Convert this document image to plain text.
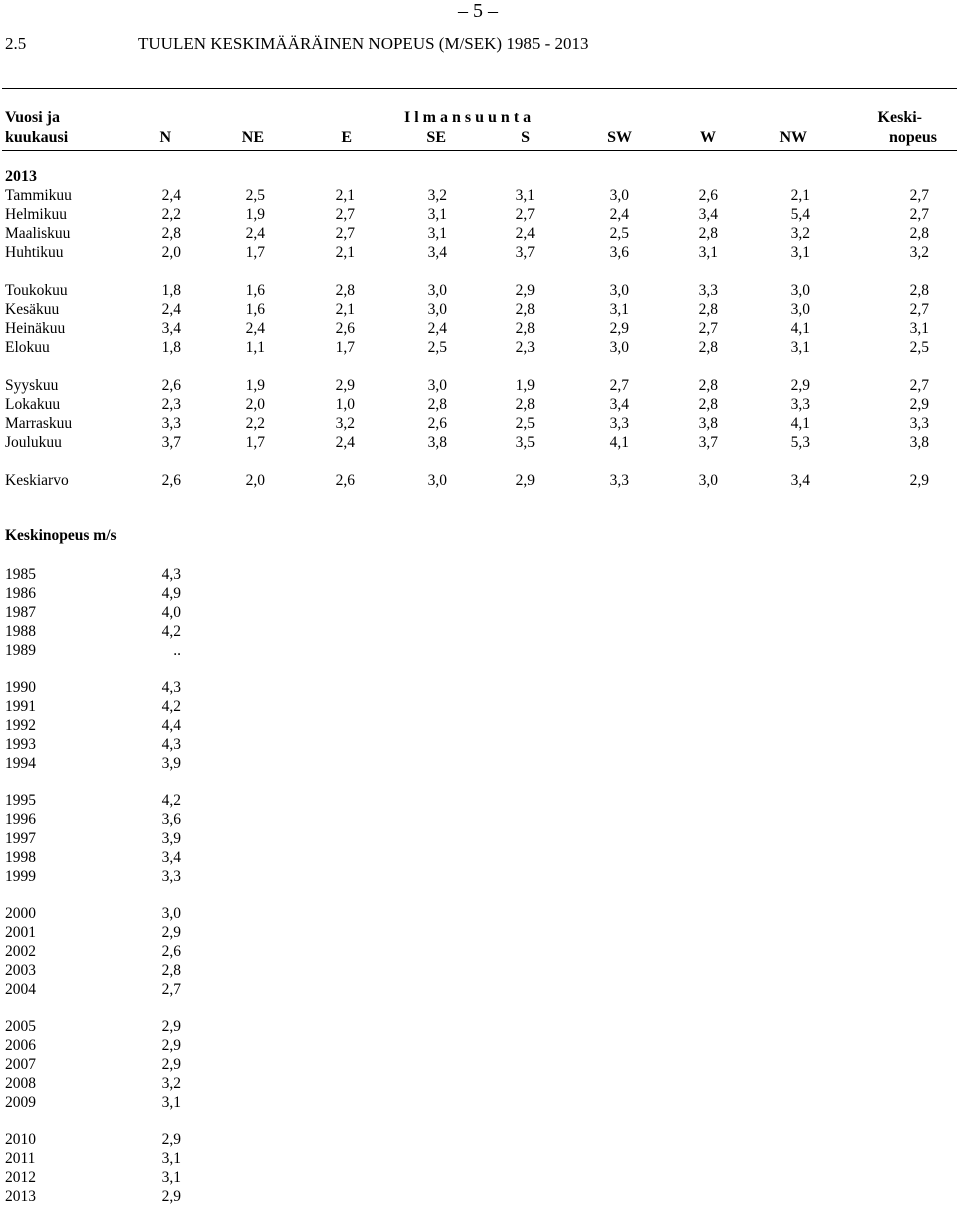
– 5 –
2.5	TUULEN KESKIMÄÄRÄINEN NOPEUS (M/SEK) 1985 - 2013
Vuosi ja	I l m a n s u u n t a	Keski-
kuukausi	N	NE	E	SE	S	SW	W	NW	nopeus
2013
Tammikuu	2,4	2,5	2,1	3,2	3,1	3,0	2,6	2,1	2,7
Helmikuu	2,2	1,9	2,7	3,1	2,7	2,4	3,4	5,4	2,7
Maaliskuu	2,8	2,4	2,7	3,1	2,4	2,5	2,8	3,2	2,8
Huhtikuu	2,0	1,7	2,1	3,4	3,7	3,6	3,1	3,1	3,2
Toukokuu	1,8	1,6	2,8	3,0	2,9	3,0	3,3	3,0	2,8
Kesäkuu	2,4	1,6	2,1	3,0	2,8	3,1	2,8	3,0	2,7
Heinäkuu	3,4	2,4	2,6	2,4	2,8	2,9	2,7	4,1	3,1
Elokuu	1,8	1,1	1,7	2,5	2,3	3,0	2,8	3,1	2,5
Syyskuu	2,6	1,9	2,9	3,0	1,9	2,7	2,8	2,9	2,7
Lokakuu	2,3	2,0	1,0	2,8	2,8	3,4	2,8	3,3	2,9
Marraskuu	3,3	2,2	3,2	2,6	2,5	3,3	3,8	4,1	3,3
Joulukuu	3,7	1,7	2,4	3,8	3,5	4,1	3,7	5,3	3,8
Keskiarvo	2,6	2,0	2,6	3,0	2,9	3,3	3,0	3,4	2,9
Keskinopeus m/s
1985	4,3
1986	4,9
1987	4,0
1988	4,2
1989	..
1990	4,3
1991	4,2
1992	4,4
1993	4,3
1994	3,9
1995	4,2
1996	3,6
1997	3,9
1998	3,4
1999	3,3
2000	3,0
2001	2,9
2002	2,6
2003	2,8
2004	2,7
2005	2,9
2006	2,9
2007	2,9
2008	3,2
2009	3,1
2010	2,9
2011	3,1
2012	3,1
2013	2,9
